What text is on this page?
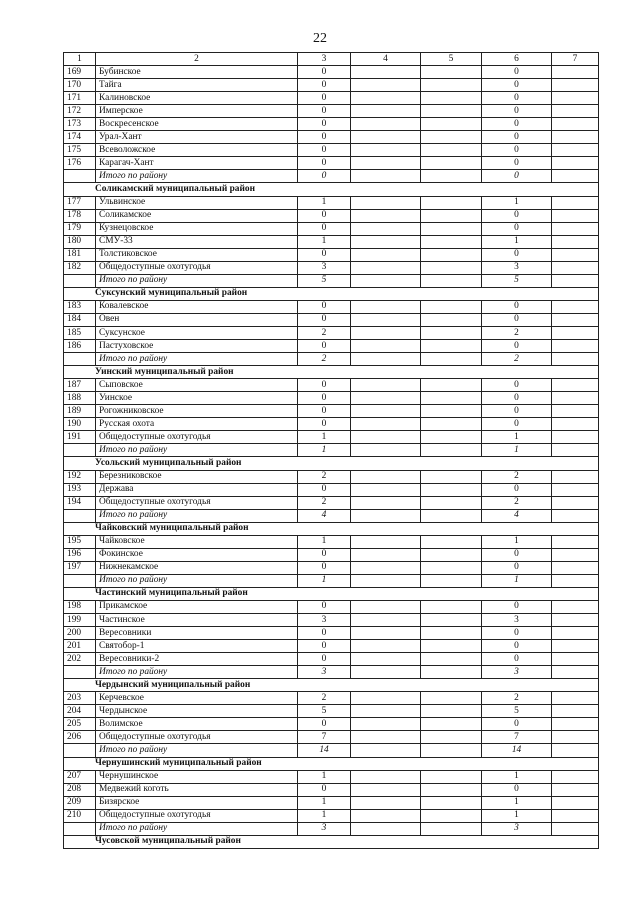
22
1	2	3	4	5	6	7
169	Бубинское	0			0	
170	Тайга	0			0	
171	Калиновское	0			0	
172	Имперское	0			0	
173	Воскресенское	0			0	
174	Урал-Хант	0			0	
175	Всеволожское	0			0	
176	Карагач-Хант	0			0	
	Итого по району	0			0	
Соликамский муниципальный район						
177	Ульвинское	1			1	
178	Соликамское	0			0	
179	Кузнецовское	0			0	
180	СМУ-33	1			1	
181	Толстиковское	0			0	
182	Общедоступные охотугодья	3			3	
	Итого по району	5			5	
Суксунский муниципальный район						
183	Ковалевское	0			0	
184	Овен	0			0	
185	Суксунское	2			2	
186	Пастуховское	0			0	
	Итого по району	2			2	
Уинский муниципальный район						
187	Сыповское	0			0	
188	Уинское	0			0	
189	Рогожниковское	0			0	
190	Русская охота	0			0	
191	Общедоступные охотугодья	1			1	
	Итого по району	1			1	
Усольский муниципальный район						
192	Березниковское	2			2	
193	Держава	0			0	
194	Общедоступные охотугодья	2			2	
	Итого по району	4			4	
Чайковский муниципальный район						
195	Чайковское	1			1	
196	Фокинское	0			0	
197	Нижнекамское	0			0	
	Итого по району	1			1	
Частинский муниципальный район						
198	Прикамское	0			0	
199	Частинское	3			3	
200	Вересовники	0			0	
201	Святобор-1	0			0	
202	Вересовники-2	0			0	
	Итого по району	3			3	
Чердынский муниципальный район						
203	Керчевское	2			2	
204	Чердынское	5			5	
205	Волимское	0			0	
206	Общедоступные охотугодья	7			7	
	Итого по району	14			14	
Чернушинский муниципальный район						
207	Чернушинское	1			1	
208	Медвежий коготь	0			0	
209	Бизярское	1			1	
210	Общедоступные охотугодья	1			1	
	Итого по району	3			3	
Чусовской муниципальный район						
